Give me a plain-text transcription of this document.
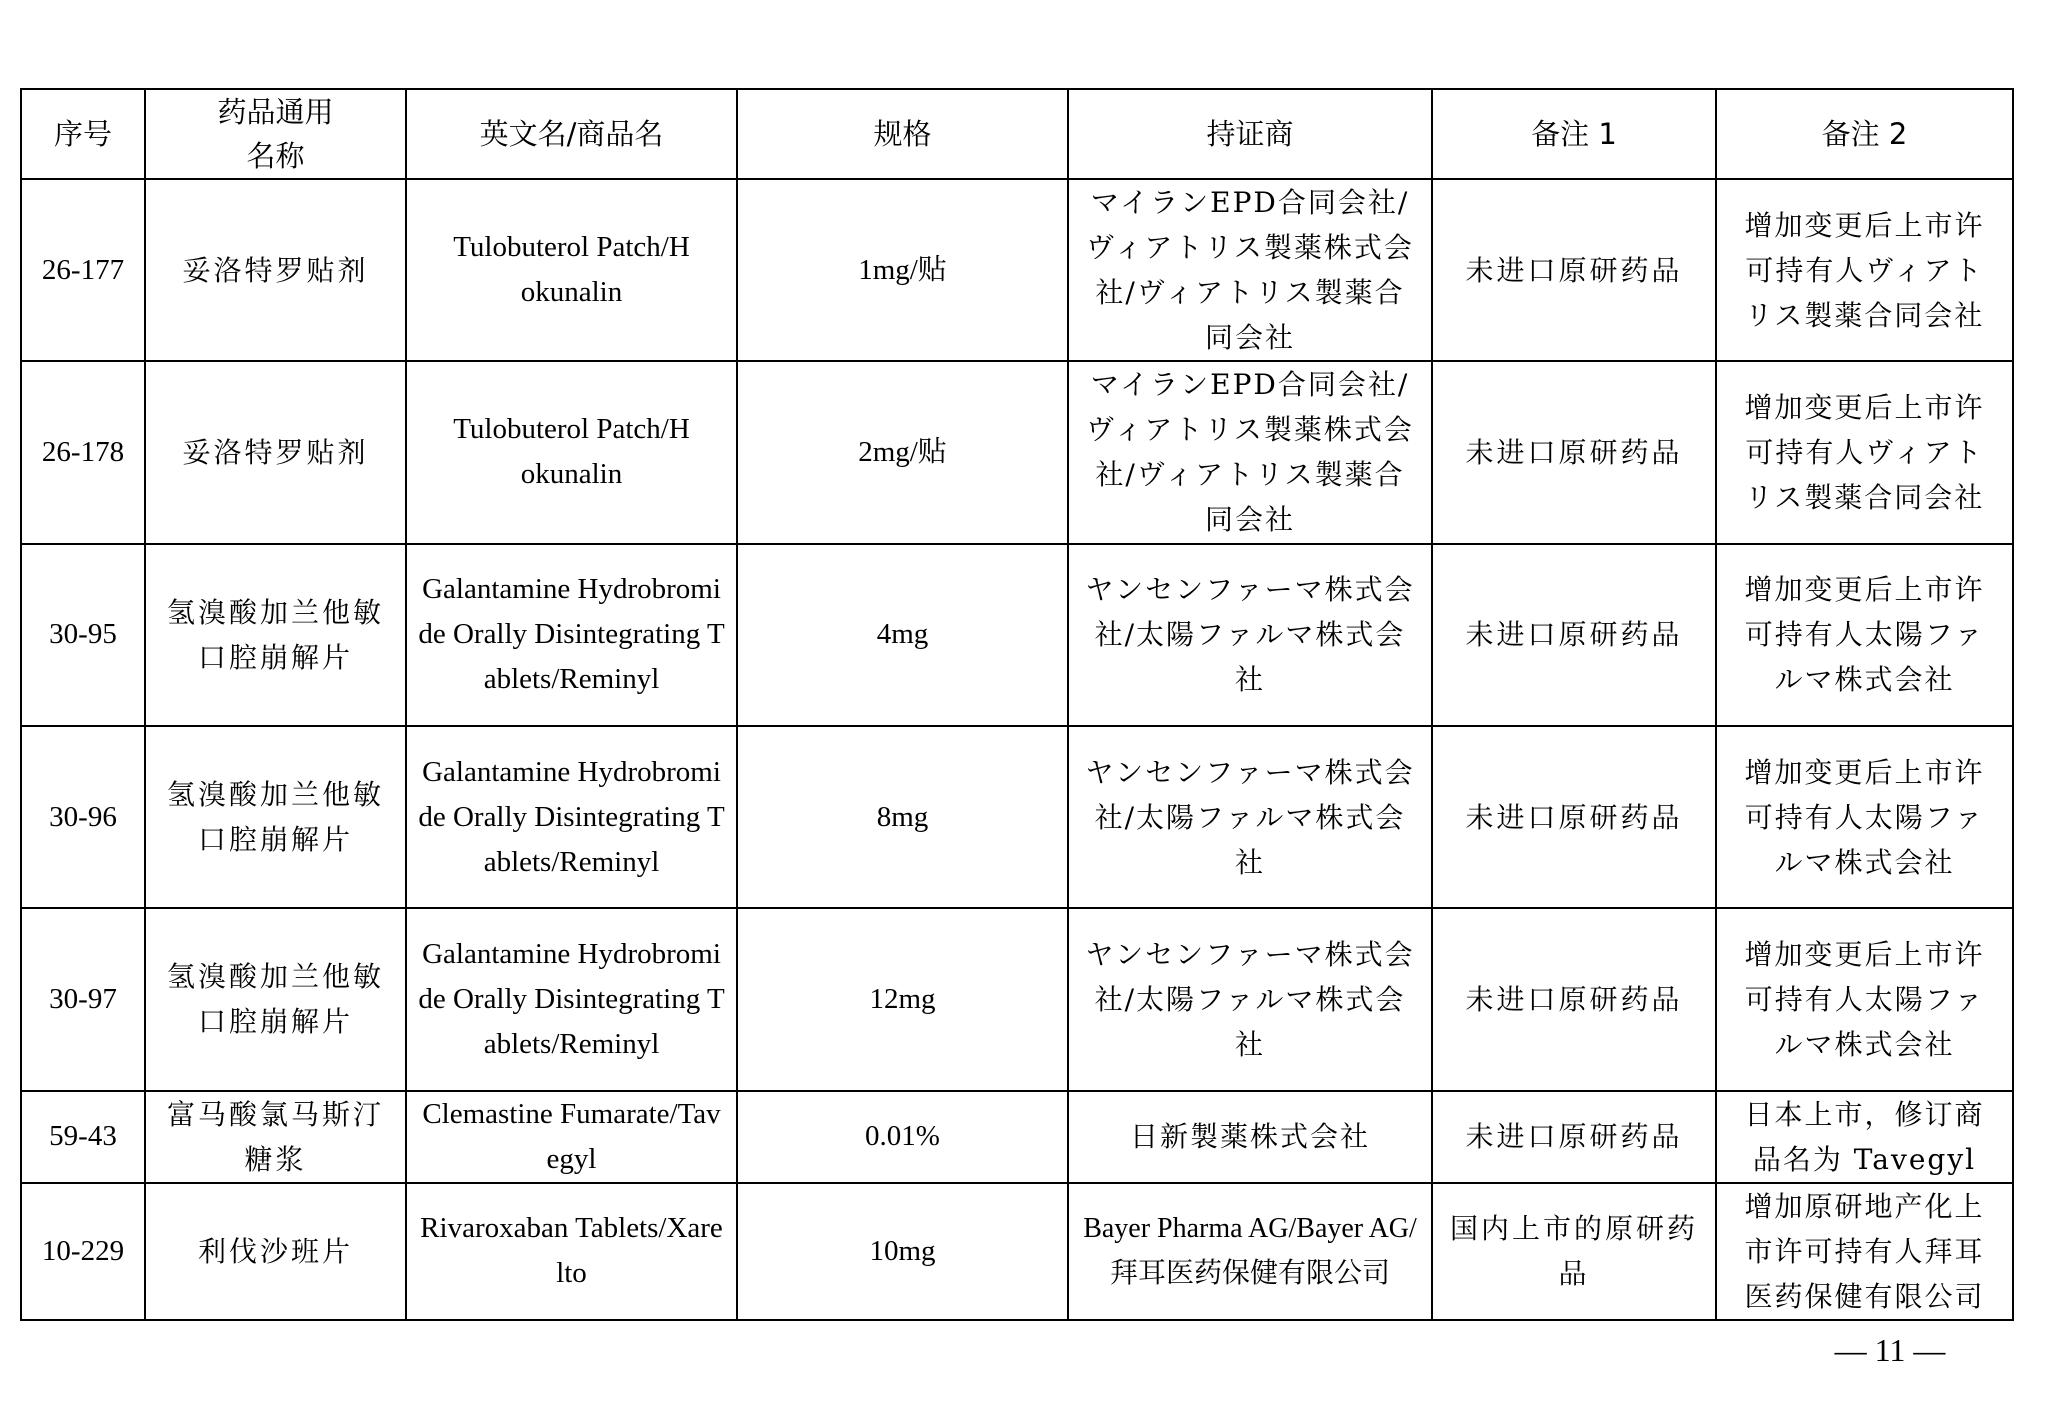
序号	药品通用名称	英文名/商品名	规格	持证商	备注 1	备注 2
26-177	妥洛特罗贴剂	Tulobuterol Patch/Hokunalin	1mg/贴	マイランEPD合同会社/ヴィアトリス製薬株式会社/ヴィアトリス製薬合同会社	未进口原研药品	增加变更后上市许可持有人ヴィアトリス製薬合同会社
26-178	妥洛特罗贴剂	Tulobuterol Patch/Hokunalin	2mg/贴	マイランEPD合同会社/ヴィアトリス製薬株式会社/ヴィアトリス製薬合同会社	未进口原研药品	增加变更后上市许可持有人ヴィアトリス製薬合同会社
30-95	氢溴酸加兰他敏口腔崩解片	Galantamine Hydrobromide Orally Disintegrating Tablets/Reminyl	4mg	ヤンセンファーマ株式会社/太陽ファルマ株式会社	未进口原研药品	增加变更后上市许可持有人太陽ファルマ株式会社
30-96	氢溴酸加兰他敏口腔崩解片	Galantamine Hydrobromide Orally Disintegrating Tablets/Reminyl	8mg	ヤンセンファーマ株式会社/太陽ファルマ株式会社	未进口原研药品	增加变更后上市许可持有人太陽ファルマ株式会社
30-97	氢溴酸加兰他敏口腔崩解片	Galantamine Hydrobromide Orally Disintegrating Tablets/Reminyl	12mg	ヤンセンファーマ株式会社/太陽ファルマ株式会社	未进口原研药品	增加变更后上市许可持有人太陽ファルマ株式会社
59-43	富马酸氯马斯汀糖浆	Clemastine Fumarate/Tavegyl	0.01%	日新製薬株式会社	未进口原研药品	日本上市，修订商品名为 Tavegyl
10-229	利伐沙班片	Rivaroxaban Tablets/Xarelto	10mg	Bayer Pharma AG/Bayer AG/拜耳医药保健有限公司	国内上市的原研药品	增加原研地产化上市许可持有人拜耳医药保健有限公司
— 11 —
